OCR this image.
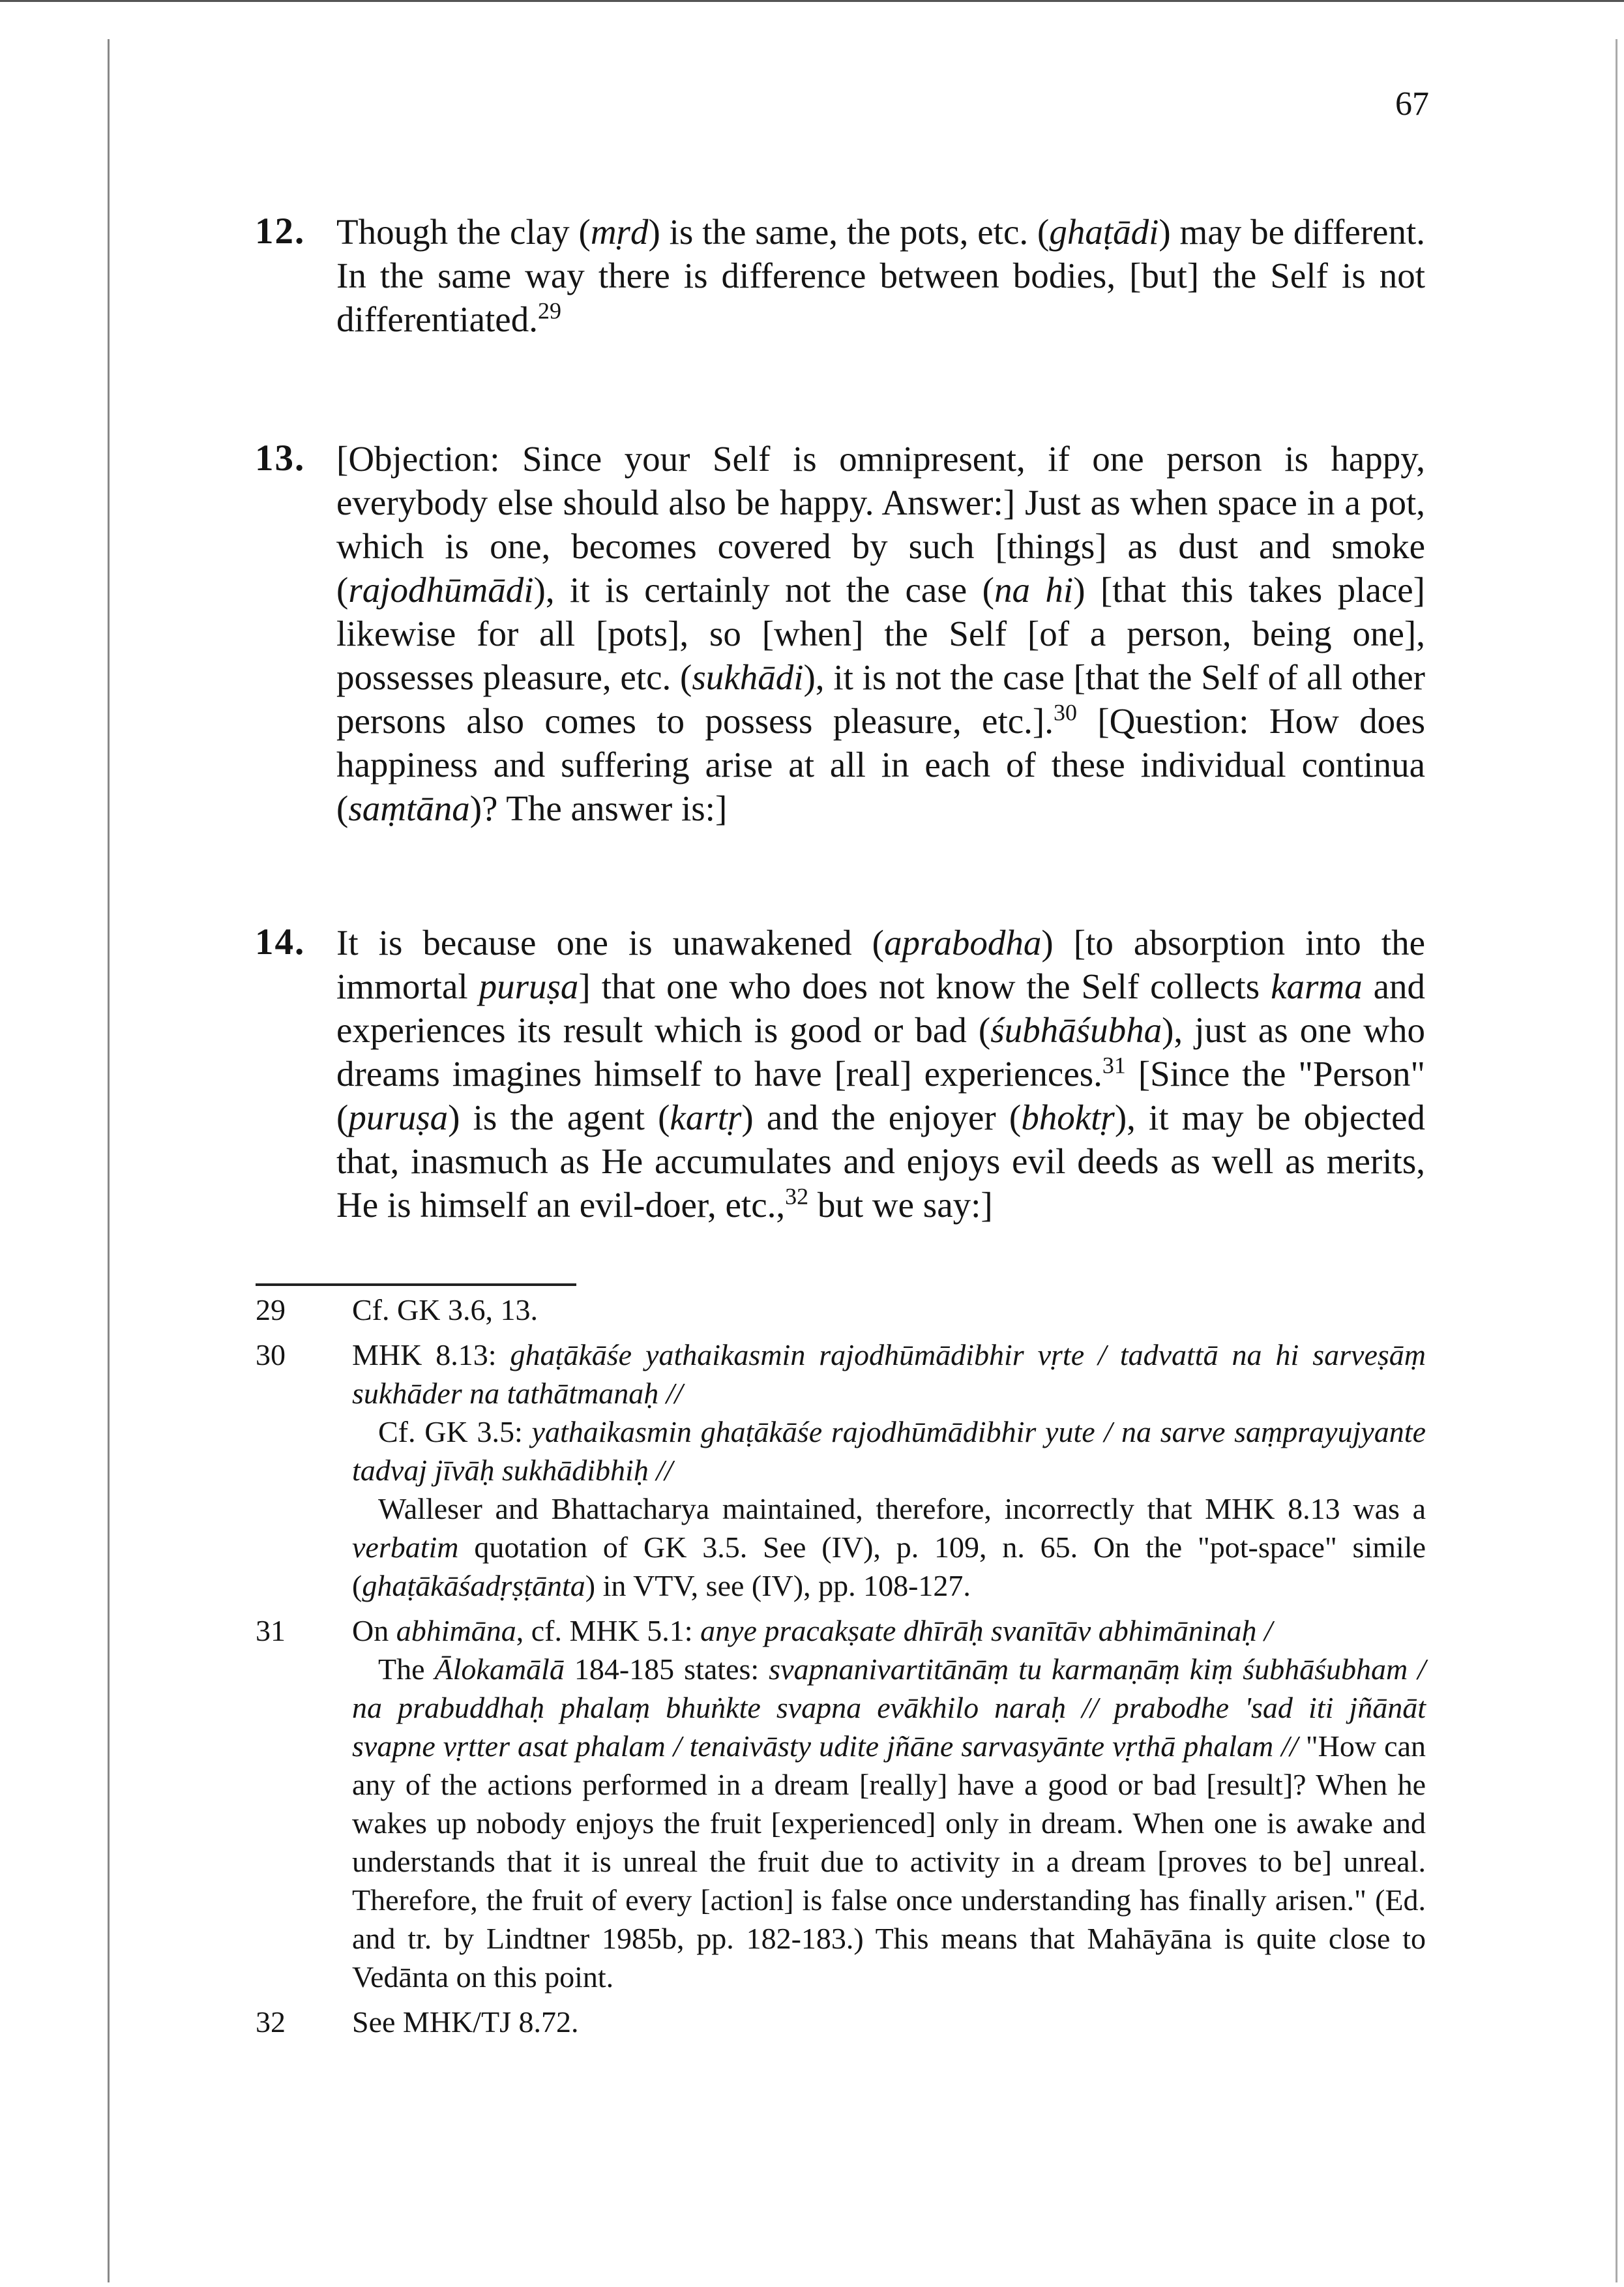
67
12. Though the clay (mṛd) is the same, the pots, etc. (ghaṭādi) may be different. In the same way there is difference between bodies, [but] the Self is not differentiated.$^{29}$
13. [Objection: Since your Self is omnipresent, if one person is happy, everybody else should also be happy. Answer:] Just as when space in a pot, which is one, becomes covered by such [things] as dust and smoke (rajodhūmādi), it is certainly not the case (na hi) [that this takes place] likewise for all [pots], so [when] the Self [of a person, being one], possesses pleasure, etc. (sukhādi), it is not the case [that the Self of all other persons also comes to possess pleasure, etc.].$^{30}$ [Question: How does happiness and suffering arise at all in each of these individual continua (saṃtāna)? The answer is:]
14. It is because one is unawakened (aprabodha) [to absorption into the immortal puruṣa] that one who does not know the Self collects karma and experiences its result which is good or bad (śubhāśubha), just as one who dreams imagines himself to have [real] experiences.$^{31}$ [Since the "Person" (puruṣa) is the agent (kartṛ) and the enjoyer (bhoktṛ), it may be objected that, inasmuch as He accumulates and enjoys evil deeds as well as merits, He is himself an evil-doer, etc.,$^{32}$ but we say:]
29 Cf. GK 3.6, 13.

30 MHK 8.13: ghaṭākāśe yathaikasmin rajodhūmādibhir vṛte / tadvattā na hi sarveṣāṃ sukhāder na tathātmanaḥ //

Cf. GK 3.5: yathaikasmin ghaṭākāśe rajodhūmādibhir yute / na sarve saṃprayujyante tadvaj jīvāḥ sukhādibhiḥ //

Walleser and Bhattacharya maintained, therefore, incorrectly that MHK 8.13 was a verbatim quotation of GK 3.5. See (IV), p. 109, n. 65. On the "pot-space" simile (ghaṭākāśadṛṣṭānta) in VTV, see (IV), pp. 108-127.

31 On abhimāna, cf. MHK 5.1: anye pracakṣate dhīrāḥ svanītāv abhimāninaḥ /

The Ālokamālā 184-185 states: svapnanivartitānāṃ tu karmaṇāṃ kiṃ śubhāśubham / na prabuddhaḥ phalaṃ bhuṅkte svapna evākhilo naraḥ // prabodhe 'sad iti jñānāt svapne vṛtter asat phalam / tenaivāsty udite jñāne sarvasyānte vṛthā phalam // "How can any of the actions performed in a dream [really] have a good or bad [result]? When he wakes up nobody enjoys the fruit [experienced] only in dream. When one is awake and understands that it is unreal the fruit due to activity in a dream [proves to be] unreal. Therefore, the fruit of every [action] is false once understanding has finally arisen." (Ed. and tr. by Lindtner 1985b, pp. 182-183.) This means that Mahāyāna is quite close to Vedānta on this point.

32 See MHK/TJ 8.72.
